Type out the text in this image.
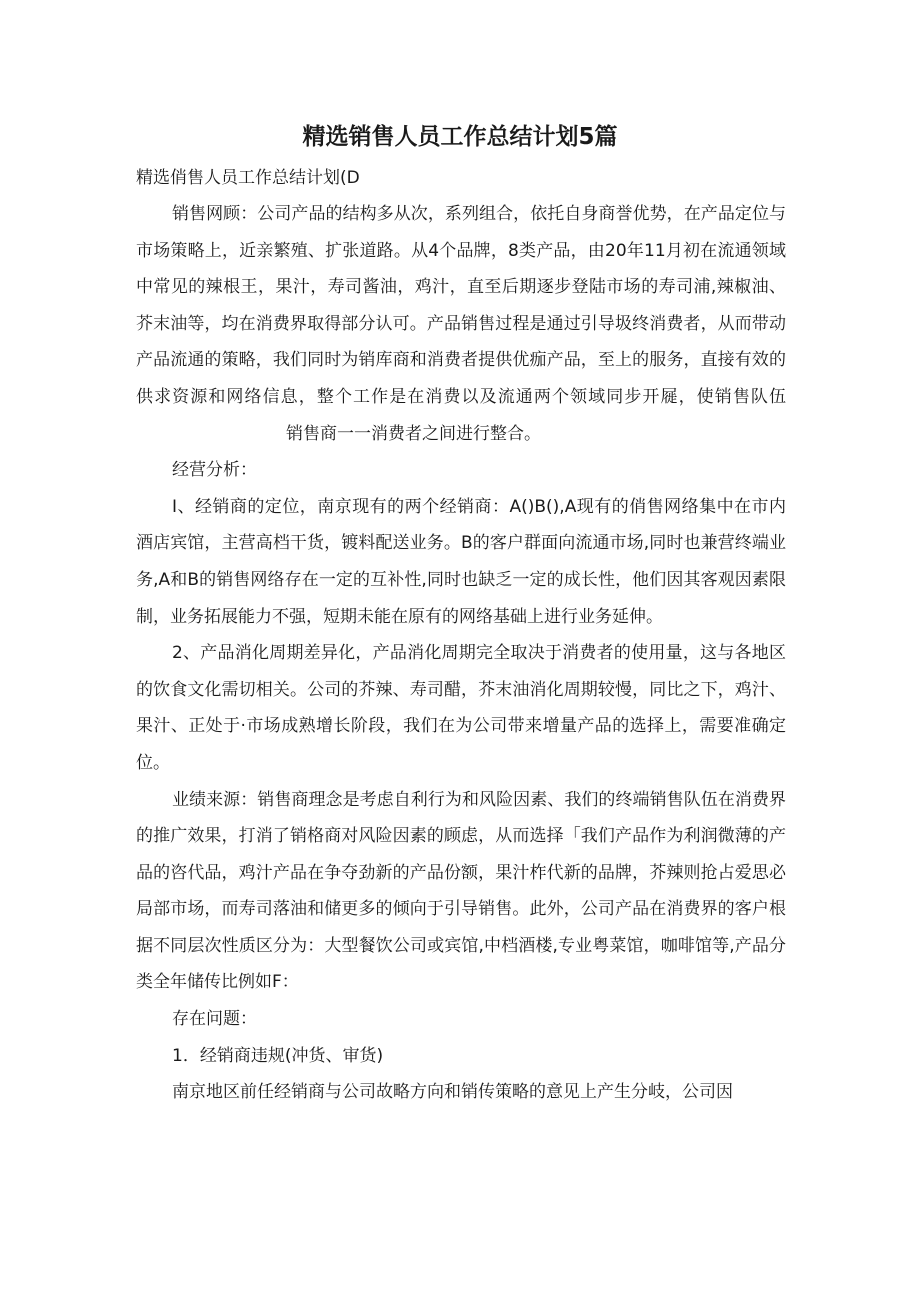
精选销售人员工作总结计划5篇

精选俏售人员工作总结计划(D

销售网顾：公司产品的结构多从次，系列组合，依托自身商誉优势，在产品定位与市场策略上，近亲繁殖、扩张道路。从4个品牌，8类产品，由20年11月初在流通领域中常见的辣根王，果汁，寿司酱油，鸡汁，直至后期逐步登陆市场的寿司浦,辣椒油、芥末油等，均在消费界取得部分认可。产品销售过程是通过引导圾终消费者，从而带动产品流通的策略，我们同时为销库商和消费者提供优痂产品，至上的服务，直接有效的供求资源和网络信息，整个工作是在消费以及流通两个领域同步开屣，使销售队伍销售商一一消费者之间进行整合。

经营分析：

I、经销商的定位，南京现有的两个经销商：A()B(),A现有的俏售网络集中在市内酒店宾馆，主营高档干货，镀料配送业务。B的客户群面向流通市场,同时也兼营终端业务,A和B的销售网络存在一定的互补性,同时也缺乏一定的成长性，他们因其客观因素限制，业务拓展能力不强，短期未能在原有的网络基础上进行业务延伸。

2、产品消化周期差异化，产品消化周期完全取决于消费者的使用量，这与各地区的饮食文化需切相关。公司的芥辣、寿司醋，芥末油消化周期较慢，同比之下，鸡汁、果汁、正处于·市场成熟增长阶段，我们在为公司带来增量产品的选择上，需要准确定位。

业绩来源：销售商理念是考虑自利行为和风险因素、我们的终端销售队伍在消费界的推广效果，打消了销格商对风险因素的顾虑，从而选择「我们产品作为利润微薄的产品的咨代品，鸡汁产品在争夺劲新的产品份额，果汁柞代新的品牌，芥辣则抢占爱思必局部市场，而寿司落油和储更多的倾向于引导销售。此外，公司产品在消费界的客户根据不同层次性质区分为：大型餐饮公司或宾馆,中档酒楼,专业粤菜馆，咖啡馆等,产品分类全年储传比例如F：

存在问题：

1．经销商违规(冲货、审货)

南京地区前任经销商与公司故略方向和销传策略的意见上产生分岐，公司因
